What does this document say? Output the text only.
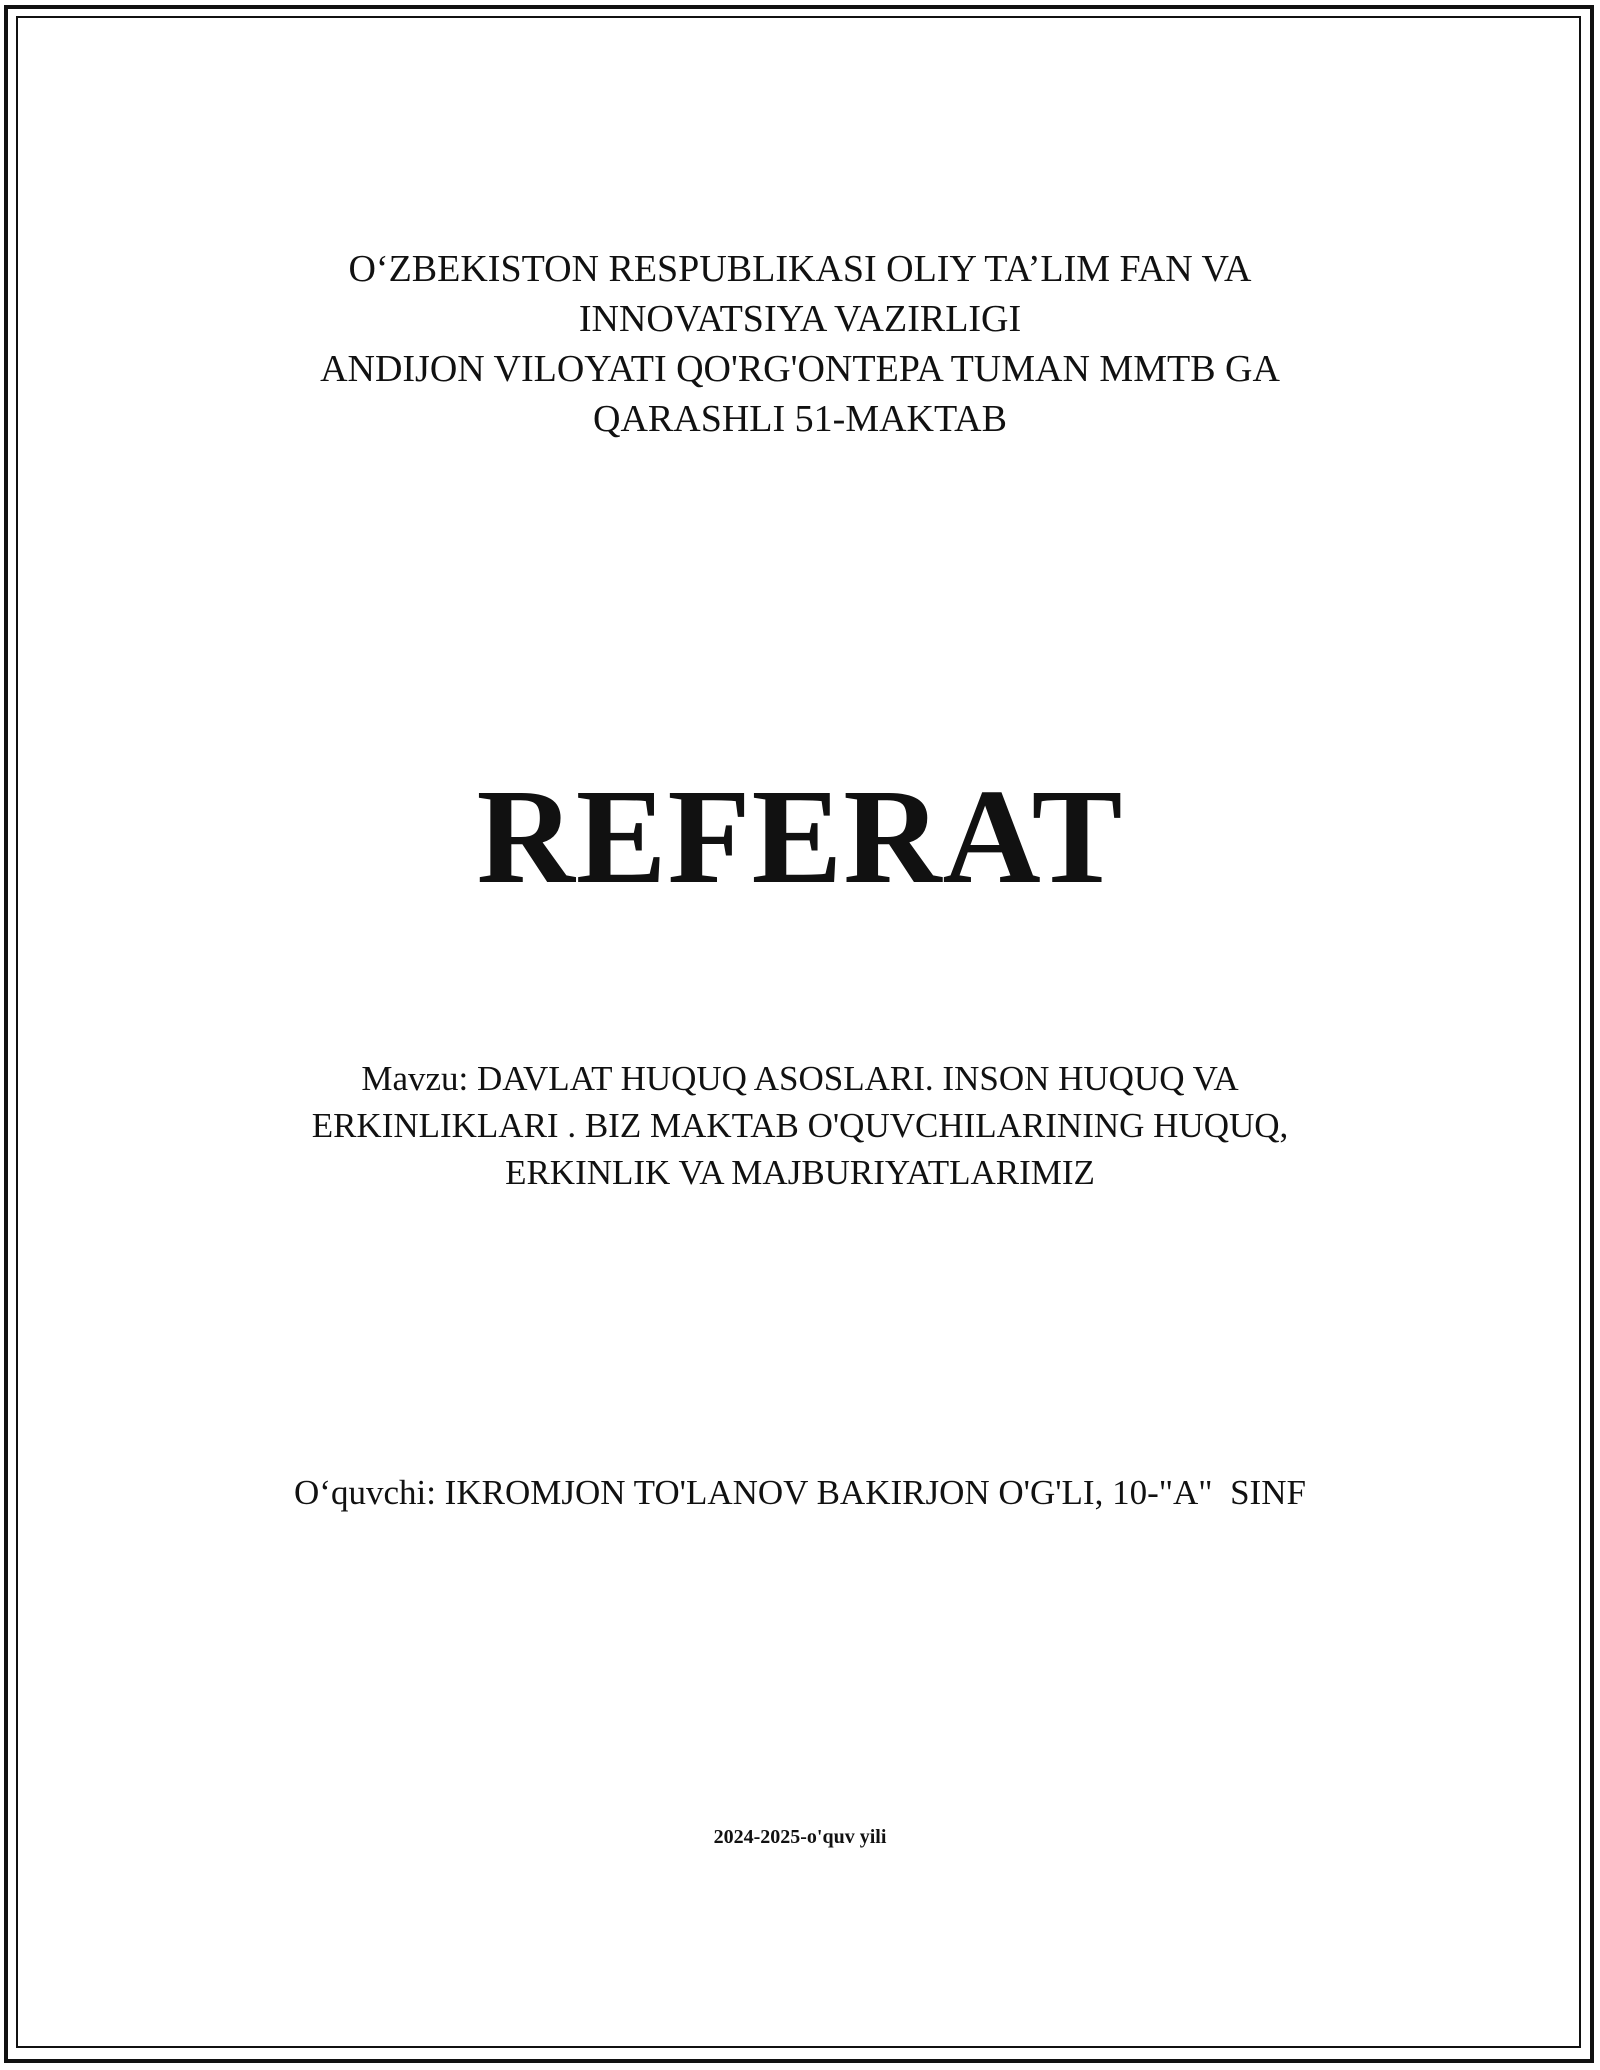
O‘ZBEKISTON RESPUBLIKASI OLIY TA’LIM FAN VA
INNOVATSIYA VAZIRLIGI
ANDIJON VILOYATI QO'RG'ONTEPA TUMAN MMTB GA
QARASHLI 51-MAKTAB
REFERAT
Mavzu: DAVLAT HUQUQ ASOSLARI. INSON HUQUQ VA
ERKINLIKLARI . BIZ MAKTAB O'QUVCHILARINING HUQUQ,
ERKINLIK VA MAJBURIYATLARIMIZ
O‘quvchi: IKROMJON TO'LANOV BAKIRJON O'G'LI, 10-"A"  SINF
2024-2025-o'quv yili
